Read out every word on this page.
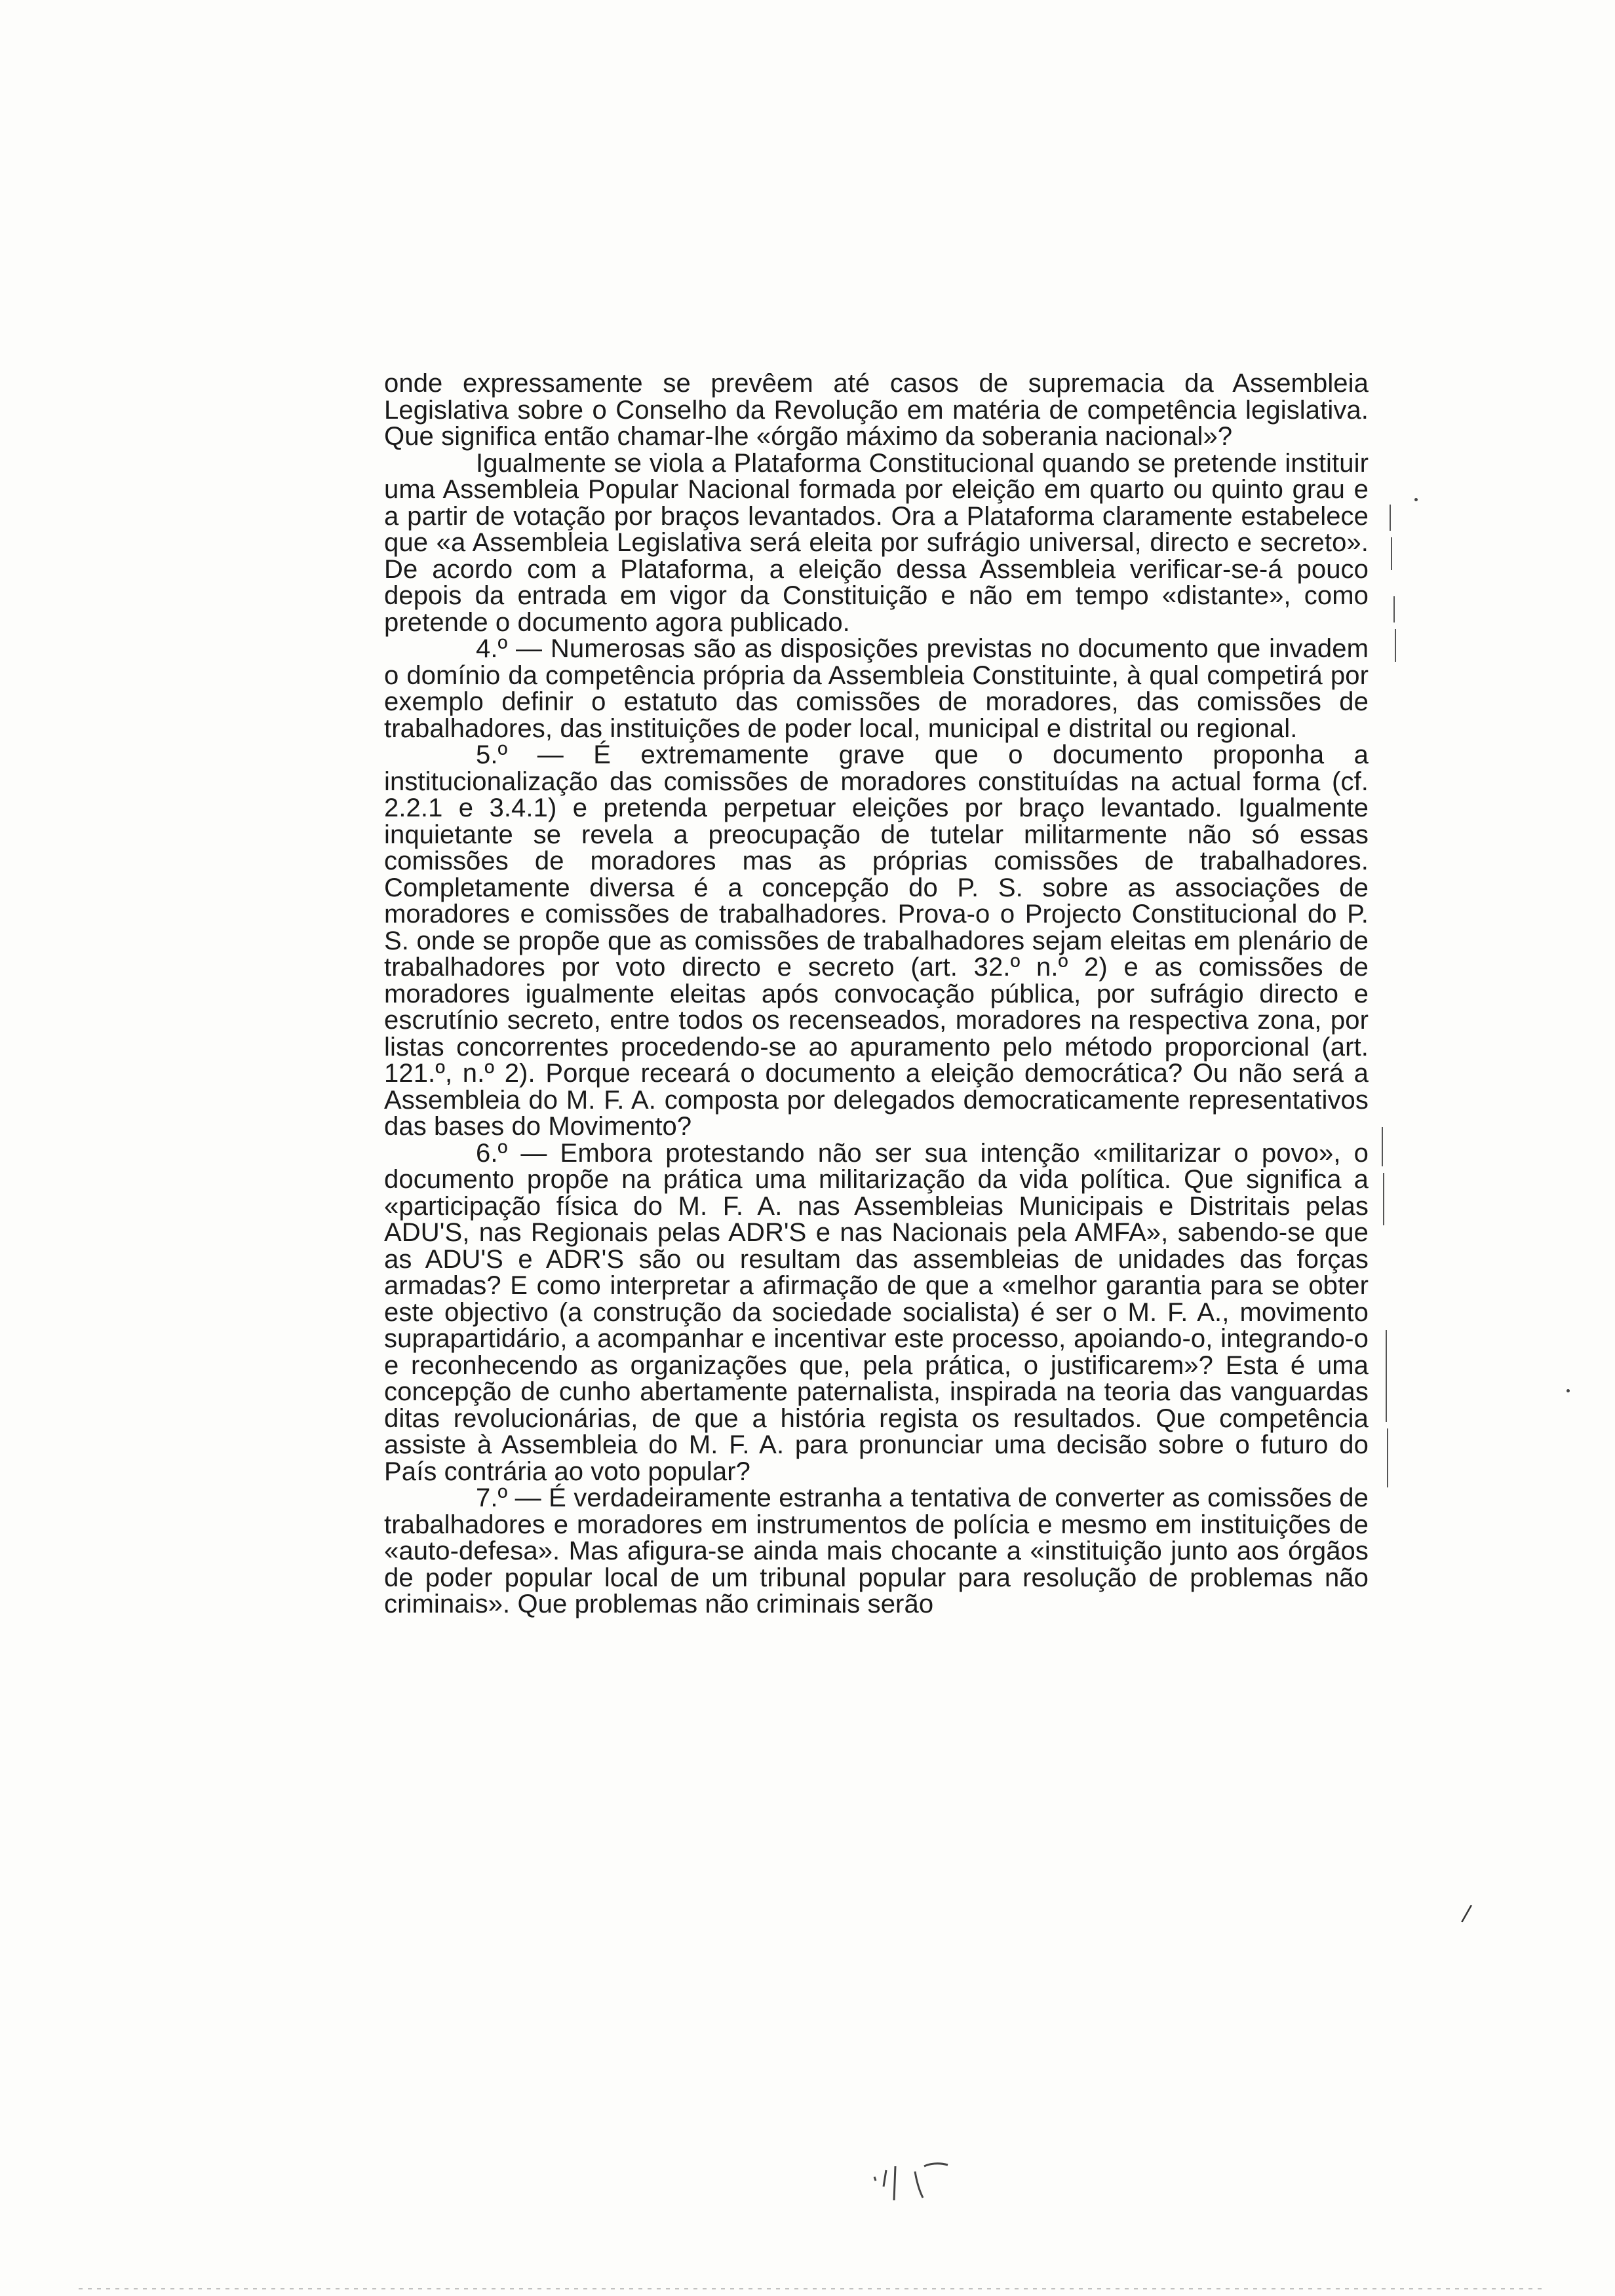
onde expressamente se prevêem até casos de supremacia da Assembleia Legislativa sobre o Conselho da Revolução em matéria de competência legislativa. Que significa então chamar-lhe «órgão máximo da soberania nacional»?

Igualmente se viola a Plataforma Constitucional quando se pretende instituir uma Assembleia Popular Nacional formada por eleição em quarto ou quinto grau e a partir de votação por braços levantados. Ora a Plataforma claramente estabelece que «a Assembleia Legislativa será eleita por sufrágio universal, directo e secreto». De acordo com a Plataforma, a eleição dessa Assembleia verificar-se-á pouco depois da entrada em vigor da Constituição e não em tempo «distante», como pretende o documento agora publicado.

4.º — Numerosas são as disposições previstas no documento que invadem o domínio da competência própria da Assembleia Constituinte, à qual competirá por exemplo definir o estatuto das comissões de moradores, das comissões de trabalhadores, das instituições de poder local, municipal e distrital ou regional.

5.º — É extremamente grave que o documento proponha a institucionalização das comissões de moradores constituídas na actual forma (cf. 2.2.1 e 3.4.1) e pretenda perpetuar eleições por braço levantado. Igualmente inquietante se revela a preocupação de tutelar militarmente não só essas comissões de moradores mas as próprias comissões de trabalhadores. Completamente diversa é a concepção do P. S. sobre as associações de moradores e comissões de trabalhadores. Prova-o o Projecto Constitucional do P. S. onde se propõe que as comissões de trabalhadores sejam eleitas em plenário de trabalhadores por voto directo e secreto (art. 32.º n.º 2) e as comissões de moradores igualmente eleitas após convocação pública, por sufrágio directo e escrutínio secreto, entre todos os recenseados, moradores na respectiva zona, por listas concorrentes procedendo-se ao apuramento pelo método proporcional (art. 121.º, n.º 2). Porque receará o documento a eleição democrática? Ou não será a Assembleia do M. F. A. composta por delegados democraticamente representativos das bases do Movimento?

6.º — Embora protestando não ser sua intenção «militarizar o povo», o documento propõe na prática uma militarização da vida política. Que significa a «participação física do M. F. A. nas Assembleias Municipais e Distritais pelas ADU'S, nas Regionais pelas ADR'S e nas Nacionais pela AMFA», sabendo-se que as ADU'S e ADR'S são ou resultam das assembleias de unidades das forças armadas? E como interpretar a afirmação de que a «melhor garantia para se obter este objectivo (a construção da sociedade socialista) é ser o M. F. A., movimento suprapartidário, a acompanhar e incentivar este processo, apoiando-o, integrando-o e reconhecendo as organizações que, pela prática, o justificarem»? Esta é uma concepção de cunho abertamente paternalista, inspirada na teoria das vanguardas ditas revolucionárias, de que a história regista os resultados. Que competência assiste à Assembleia do M. F. A. para pronunciar uma decisão sobre o futuro do País contrária ao voto popular?

7.º — É verdadeiramente estranha a tentativa de converter as comissões de trabalhadores e moradores em instrumentos de polícia e mesmo em instituições de «auto-defesa». Mas afigura-se ainda mais chocante a «instituição junto aos órgãos de poder popular local de um tribunal popular para resolução de problemas não criminais». Que problemas não criminais serão

/
ʼ\ʼ
